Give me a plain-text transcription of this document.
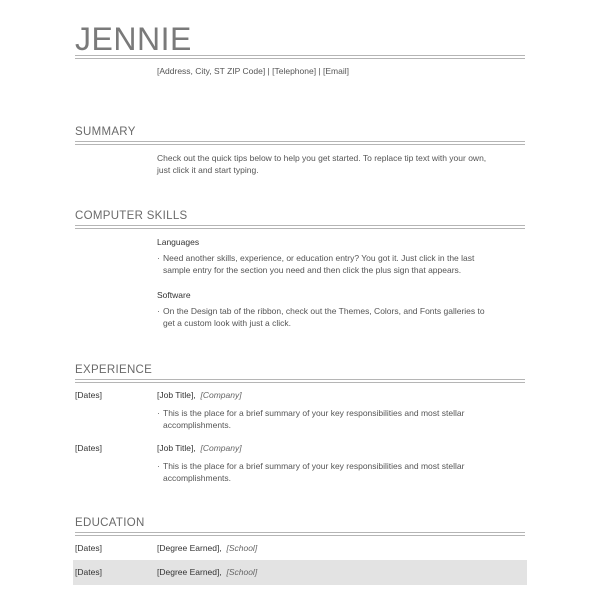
JENNIE
[Address, City, ST ZIP Code] | [Telephone] | [Email]
SUMMARY
Check out the quick tips below to help you get started. To replace tip text with your own, just click it and start typing.
COMPUTER SKILLS
Languages
· Need another skills, experience, or education entry? You got it. Just click in the last sample entry for the section you need and then click the plus sign that appears.
Software
· On the Design tab of the ribbon, check out the Themes, Colors, and Fonts galleries to get a custom look with just a click.
EXPERIENCE
[Dates]	[Job Title], [Company]
· This is the place for a brief summary of your key responsibilities and most stellar accomplishments.
[Dates]	[Job Title], [Company]
· This is the place for a brief summary of your key responsibilities and most stellar accomplishments.
EDUCATION
[Dates]	[Degree Earned], [School]
[Dates]	[Degree Earned], [School]
